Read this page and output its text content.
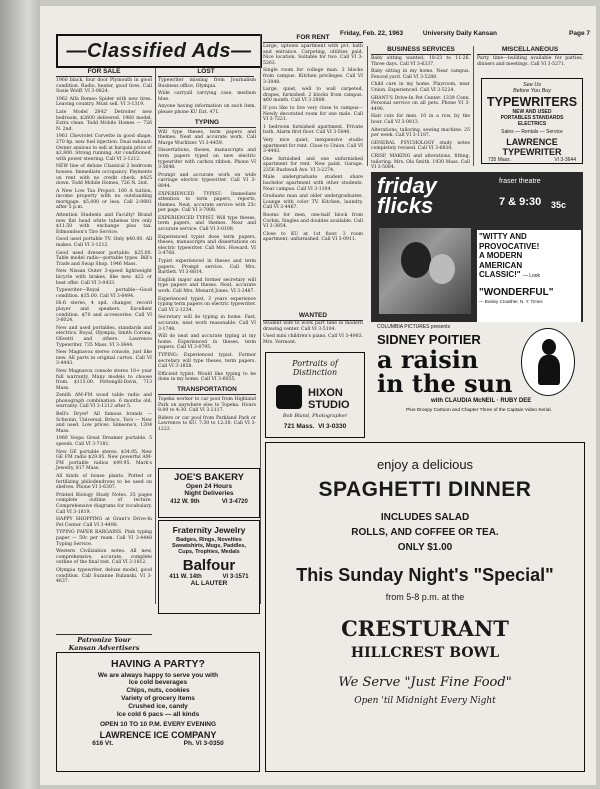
Friday, Feb. 22, 1963	University Daily Kansan	Page 7
—Classified Ads—
FOR SALE	LOST
FOR RENT
BUSINESS SERVICES	MISCELLANEOUS

1960 black, four door Plymouth in good condition. Radio, heater, good tires. Call Susie Wolff. VI 3-0824.

1962 Alfa Romeo Spider with new tires. Leaving country. Must sell. VI 3-1319.

Late Model 2842' Detroiter new bedroom, $2600 delivered. 1960 model. Extra clean. Todd Mobile Homes — 726 N. 2nd.

1961 Chevrolet Corvette in good shape, 270 hp. new fuel injection. Dual exhaust. Owner anxious to sell at bargain price of $2,800. Strong running. Air conditioned, with power steering. Call VI 3-1212.

NEW line of deluxe Classical 2 bedroom houses. Immediate occupancy. Payments on rent with no credit check. $425 down. Todd Mobile Homes, 726 N. 2nd.

A New Low Tax Project. 160 A tuition, income property with no outstanding mortgage. $5,000 or less. Call 2-9881 after 5 p.m.

Attention Students and Faculty! Brand new flat head white tubeless tire only $11.50 with exchange plus tax. Edmondson's Tire Service.

Good used portable TV. Only $40.00. All makes. Call VI 3-1212.

Good used dresser portable. $25.00. Table model radio—portable types. Bill's Trade and Swap Shop. 1946 Mass.

New Nissan Outer 3-speed lightweight bicycle with brakes, like new. $22 or best offer. Call VI 3-0433.

Typewriter—Royal portable—Good condition. $35.00. Call VI 3-6494.

Hi-fi stereo, 4 spd. changer, record player and speakers. Excellent condition. $70 and accessories. Call VI 3-6024.

New and used portables, standards and electrics. Royal, Olympia, Smith Corona, Olivetti and others. Lawrence Typewriter, 735 Mass. VI 3-3644.

New Magnavox stereo console, just like new. All parts in original carton. Call VI 3-4443.

New Magnavox console stereo 10+ year full warranty. Many models to choose from. $115.00. Pottengill-Davis, 713 Mass.

Zenith AM-FM wood table radio and phonograph combination. 6 months old, warranty. Call VI 3-1212 after 5.

Bell's Dryer! All famous brands — Schwinn, Universal, Brisco, Toro — New and used. Low prices. Simeone's, 1304 Mass.

1960 Vespa Great Dreamer portable. 5 speeds. Call VI 3-7181.

New GE portable stereo, $34.95. New GE FM radio $29.95. New powerful AM-FM portable radios $49.95. Mark's Jewelry, 817 Mass.

All kinds of house plants. Potted or fertilizing philodendrons to be used on shelves. Phone VI 3-6307.

Printed Biology Study Notes. 35 pages complete outline of lecture. Comprehensive diagrams for vocabulary. Call VI 3-1819.

HAPPY SHOPPING at Grant's Drive-In Pet Center. Call VI 3-4490.

TYPING PAPER BARGAINS. Pink typing paper — 50c per ream. Call VI 3-4448 Typing Service.

Western Civilization notes. All new, comprehensive, accurate, complete outline of the final test. Call VI 3-1812.

Olympia typewriter, deluxe model, good condition. Call Suzanne Rulanski. VI 3-4637.

Typewriter missing from Journalism Business office, Olympia.

Wide carryall carrying case, medium blue.

Anyone having information on such item, please phone KU Ext. 471.

TYPING

Will type theses, term papers and themes. Neat and accurate work. Call Marge Wurlitzer. VI 3-4459.

Dissertations, theses, manuscripts and term papers typed on new electric typewriter with carbon ribbon. Phone VI 3-5648.

Prompt and accurate work on wide carriage electric typewriter. Call VI 3-8844.

EXPERIENCED TYPIST: Immediate attention to term papers, reports, themes. Neat, accurate service with 25c per page. Call VI 3-7008.

EXPERIENCED TYPIST. Will type theses, term papers, and themes. Near and accurate service. Call VI 3-0108.

Experienced typist does term papers, theses, manuscripts and dissertations on electric typewriter. Call Mrs. Howard. VI 3-4768.

Typist experienced in theses and term papers. Prompt service. Call Mrs. Bartlett. VI 3-8814.

English major and former secretary will type papers and theses. Neat, accurate work. Call Mrs. Menard Jones. VI 3-2487.

Experienced typist, 3 years experience typing term papers on electric typewriter. Call VI 2-1234.

Secretary will do typing in home. Fast, accurate, neat work reasonable. Call VI 3-1748.

Will do neat and accurate typing at my home. Experienced in theses, term papers. Call VI 3-0795.

TYPING: Experienced typist. Former secretary will type theses, term papers. Call VI 3-1858.

Efficient typist. Would like typing to be done in my home. Call VI 3-6055.

TRANSPORTATION

Topeka worker to car pool from Highland Park on anywhere else to Topeka. Hours 8:00 to 4:30. Call VI 3-2117.

Riders or car pool from Parkland Park or Lawrence to KU. 7:30 to 12:30. Call VI 3-1222.

Large, uptown apartment with pvt. bath and entrance. Carpeting, utilities paid. Nice location. Suitable for two. Call VI 3-5263.

Single room for college man. 2 blocks from campus. Kitchen privileges. Call VI 3-3848.

Large, quiet, well to wall carpeted, drapes, furnished. 2 blocks from campus. $60 month. Call VI 3-2808.

If you like to live very close to campus—Newly decorated room for one male. Call VI 3-7221.

1 bedroom furnished apartment. Private bath. Alarm first floor. Call VI 3-5840.

Very nice quiet, inexpensive studio apartment for rent. Close to Union. Call VI 3-4443.

One furnished and one unfurnished apartment for rent. New paint. Garage. 2356 Bushwall Ave. VI 3-2274.

Male undergraduate student share bachelor apartment with other students. Near campus. Call VI 3-1104.

Graduate man and older undergraduates. Lounge with color TV. Kitchen, laundry. Call VI 3-4467.

Rooms for men, one-half block from Corbin, Singles and doubles available. Call VI 3-3854.

Close to KU at 1st floor. 3 room apartment, unfurnished. Call VI 3-0911.

WANTED

Student wife to work part time in modern drawing center. Call VI 3-5104.

Used mini children's piano. Call VI 3-4983. Mrs. Vermont.

Baby sitting wanted, 18-23 to 11-26. Three days. Call VI 3-6337.

Baby sitting in my home. Near campus. Fenced yard. Call VI 3-5288.

Child care in my home. Playroom, near Union. Experienced. Call VI 3-5224.

GRANT'S Drive-In Pet Center. 1339 Conn. Personal service on all pets. Phone VI 3-4490.

Hair cuts for men. 10 in a row, by the hour. Call VI 3-0813.

Alterations, tailoring, sewing machine. 25 per week. Call VI 3-1187.

GENERAL PSYCHOLOGY study notes completely revised. Call VI 3-6830.

CRISP, MAKING and alterations, fitting, tailoring. Mrs. Ola Smith. 1930 Mass. Call VI 3-5084.

Party time—building available for parties, dinners and meetings. Call VI 3-5271.

See Us
Before You Buy
TYPEWRITERS
NEW AND USED
PORTABLES STANDARDS
ELECTRICS
Sales — Rentals — Service
LAWRENCE
TYPEWRITER
735 Mass.	VI 3-3644
friday
flicks
fraser theatre
7 & 9:30 35c
"WITTY AND
PROVOCATIVE!
A MODERN
AMERICAN
CLASSIC!" — Look
"WONDERFUL"
— Bosley Crowther, N. Y. Times
COLUMBIA PICTURES presents
SIDNEY POITIER
a raisin
in the sun
with CLAUDIA McNEIL · RUBY DEE
Plus Droopy Cartoon and Chapter Three of the Captain Video Serial.
Portraits of
Distinction
HIXON
STUDIO
Bob Bland, Photographer
721 Mass. VI 3-0330
JOE'S BAKERY
Open 24 Hours
Night Deliveries
412 W. 9th	VI 3-4720
Fraternity Jewelry
Badges, Rings, Novelties
Sweatshirts, Mugs, Paddles,
Cups, Trophies, Medals
Balfour
411 W. 14th	VI 3-1571
AL LAUTER
Patronize Your
Kansan Advertisers
HAVING A PARTY?
We are always happy to serve you with
Ice cold beverages
Chips, nuts, cookies
Variety of grocery items
Crushed ice, candy
Ice cold 6 pacs — all kinds
OPEN 10 TO 10 P.M. EVERY EVENING
LAWRENCE ICE COMPANY
616 Vt.	Ph. VI 3-0350
enjoy a delicious
SPAGHETTI DINNER
INCLUDES SALAD
ROLLS, AND COFFEE OR TEA.
ONLY $1.00
This Sunday Night's "Special"
from 5-8 p.m. at the
CRESTURANT
HILLCREST BOWL
We Serve "Just Fine Food"
Open 'til Midnight Every Night
